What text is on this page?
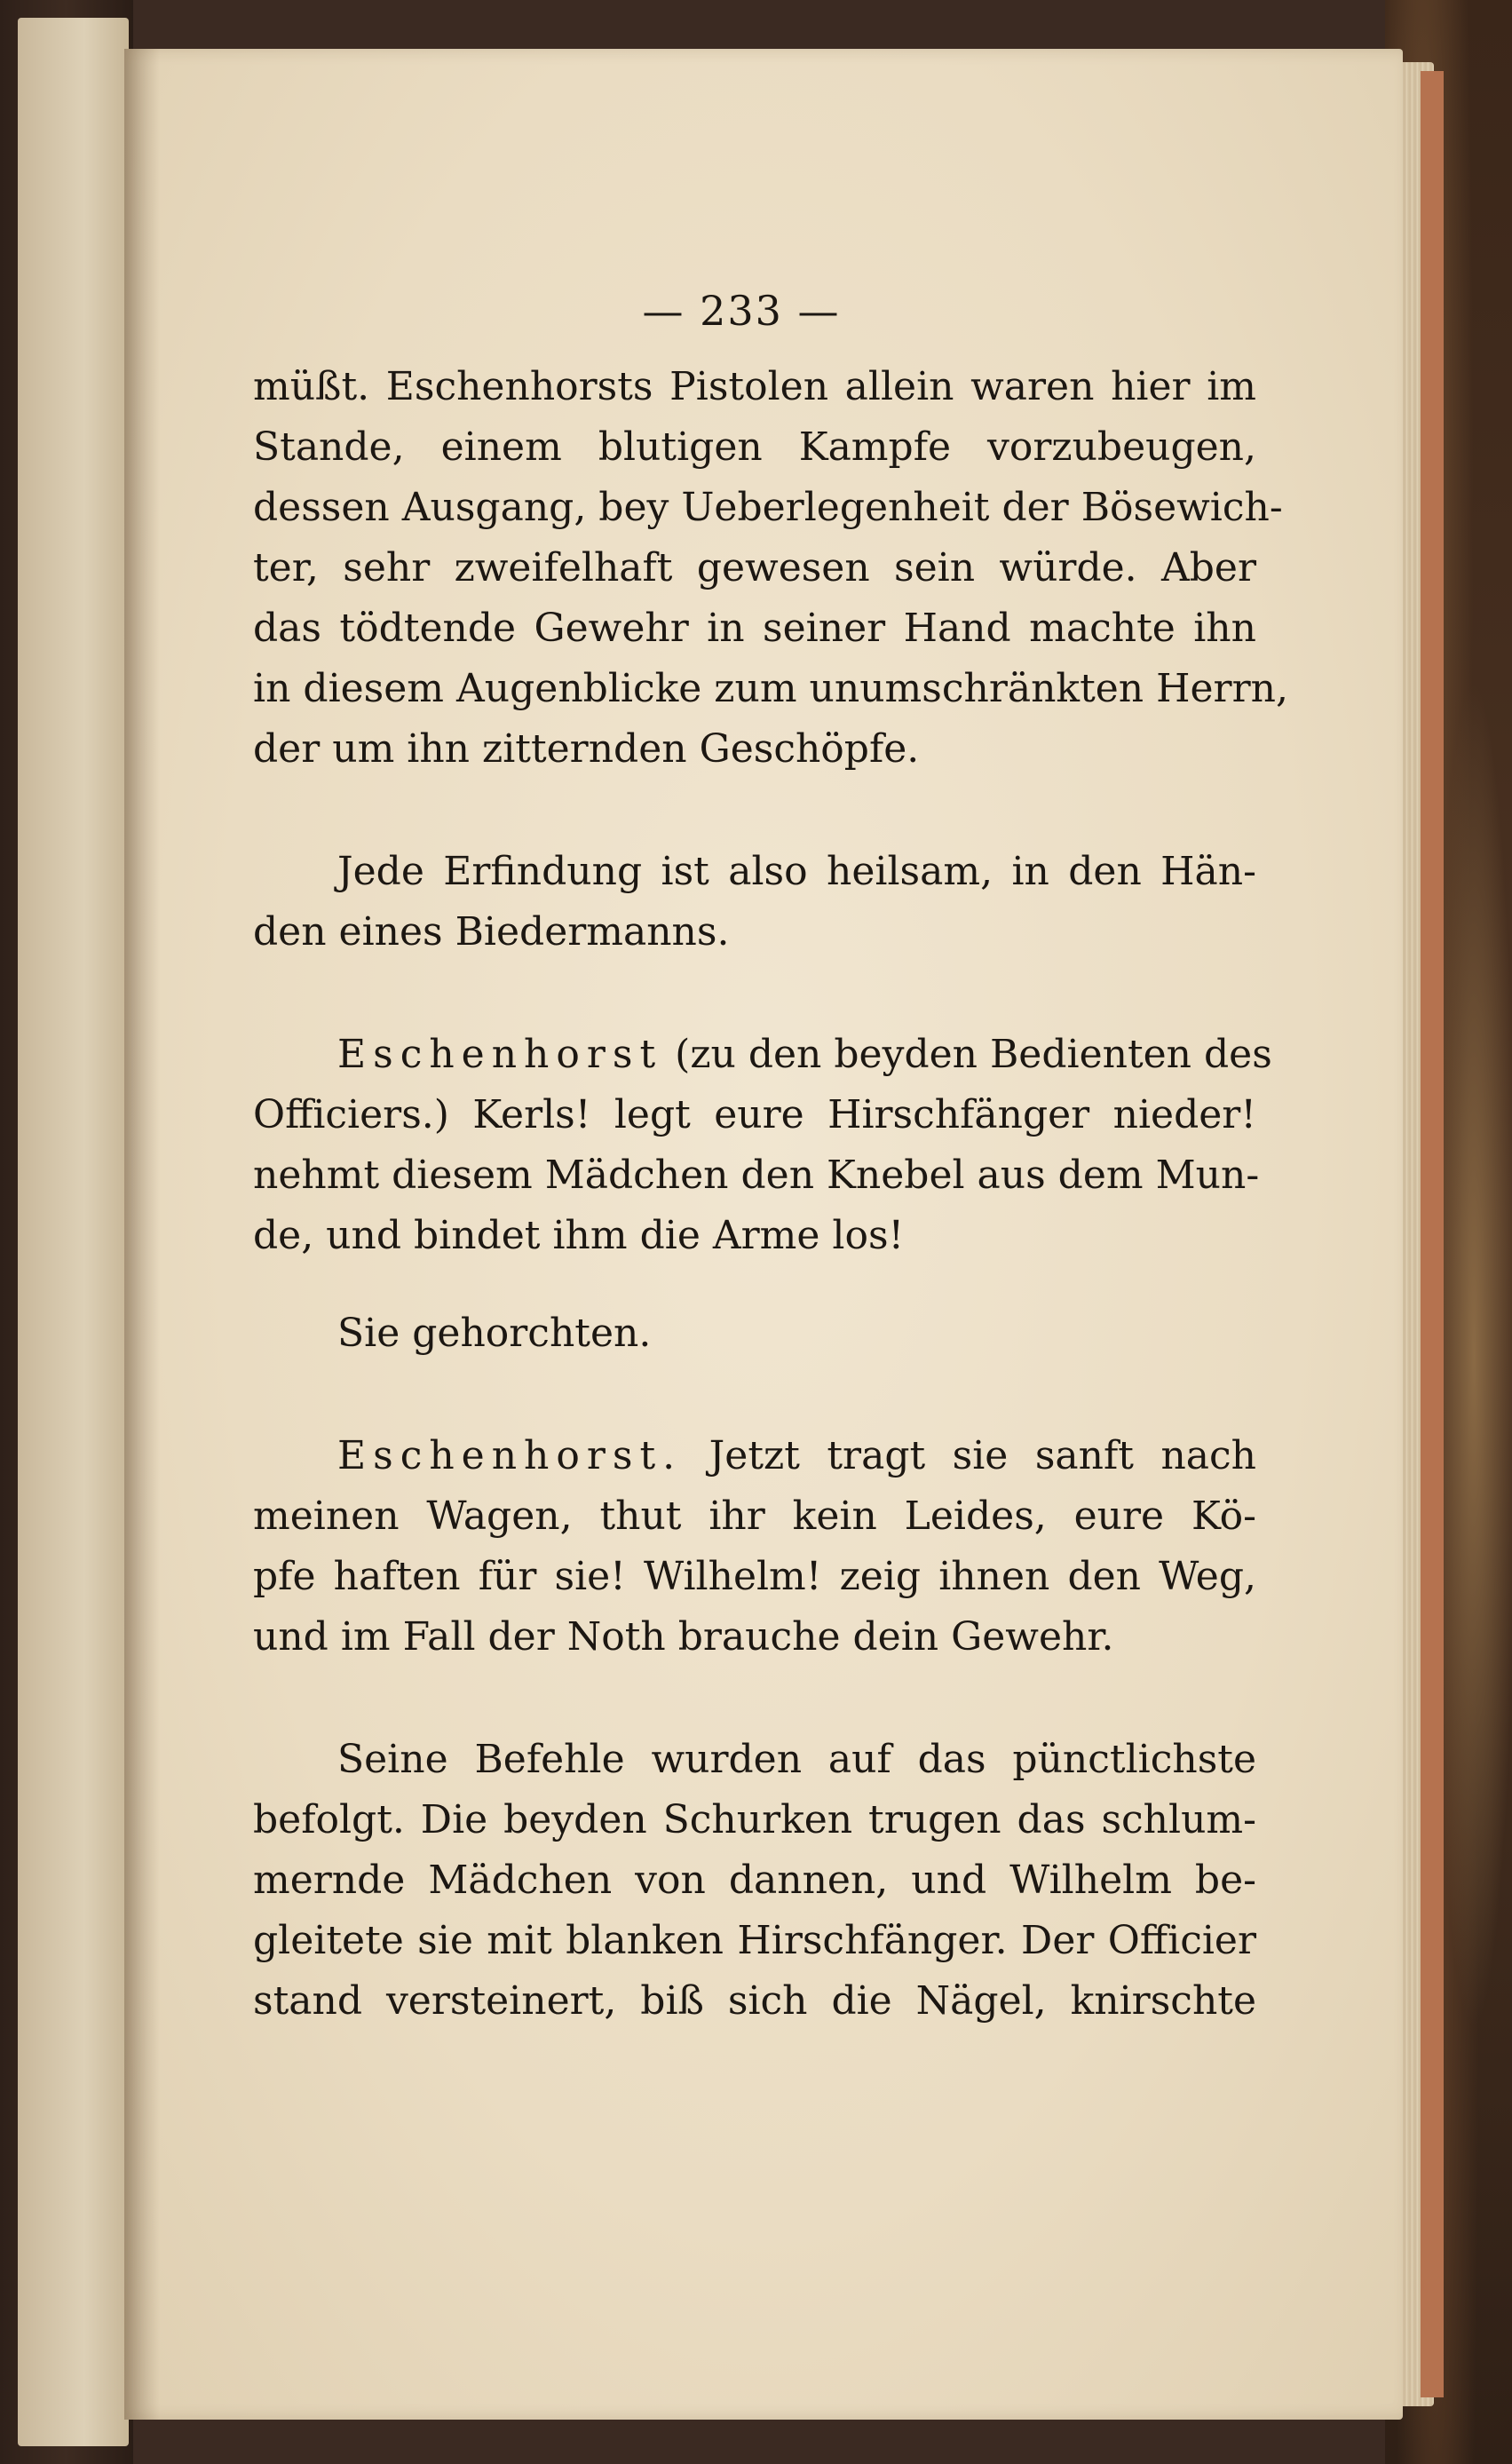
— 233 —
müßt. Eschenhorsts Pistolen allein waren hier im
Stande, einem blutigen Kampfe vorzubeugen,
dessen Ausgang, bey Ueberlegenheit der Bösewich-
ter, sehr zweifelhaft gewesen sein würde. Aber
das tödtende Gewehr in seiner Hand machte ihn
in diesem Augenblicke zum unumschränkten Herrn,
der um ihn zitternden Geschöpfe.
Jede Erfindung ist also heilsam, in den Hän-
den eines Biedermanns.
Eschenhorst (zu den beyden Bedienten des
Officiers.) Kerls! legt eure Hirschfänger nieder!
nehmt diesem Mädchen den Knebel aus dem Mun-
de, und bindet ihm die Arme los!
Sie gehorchten.
Eschenhorst. Jetzt tragt sie sanft nach
meinen Wagen, thut ihr kein Leides, eure Kö-
pfe haften für sie! Wilhelm! zeig ihnen den Weg,
und im Fall der Noth brauche dein Gewehr.
Seine Befehle wurden auf das pünctlichste
befolgt. Die beyden Schurken trugen das schlum-
mernde Mädchen von dannen, und Wilhelm be-
gleitete sie mit blanken Hirschfänger. Der Officier
stand versteinert, biß sich die Nägel, knirschte
